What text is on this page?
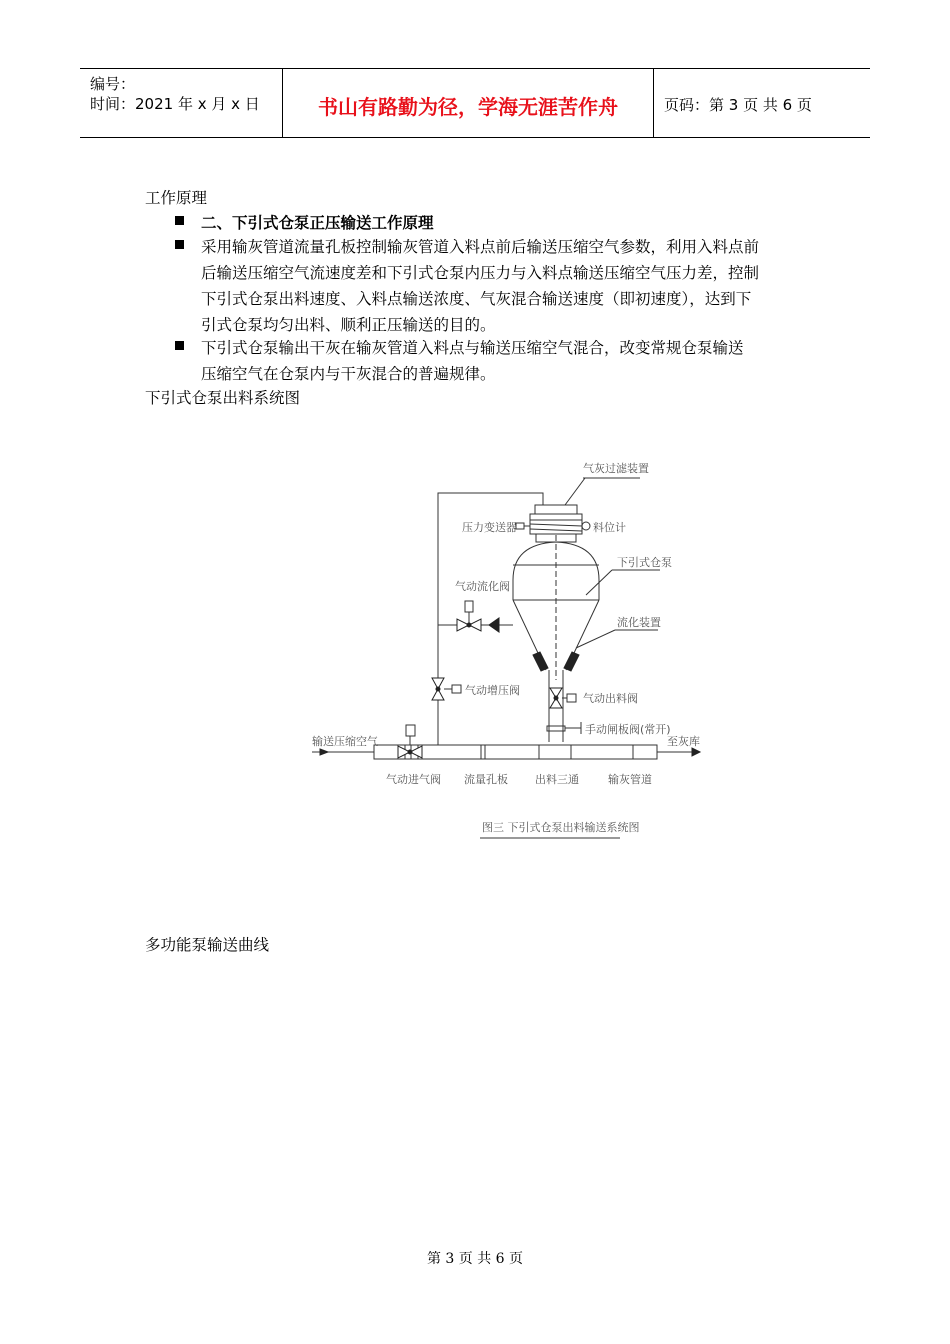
编号：
时间：2021 年 x 月 x 日	书山有路勤为径，学海无涯苦作舟	页码：第 3 页 共 6 页
工作原理
二、下引式仓泵正压输送工作原理
采用输灰管道流量孔板控制输灰管道入料点前后输送压缩空气参数，利用入料点前
后输送压缩空气流速度差和下引式仓泵内压力与入料点输送压缩空气压力差，控制
下引式仓泵出料速度、入料点输送浓度、气灰混合输送速度（即初速度），达到下
引式仓泵均匀出料、顺利正压输送的目的。
下引式仓泵输出干灰在输灰管道入料点与输送压缩空气混合，改变常规仓泵输送
压缩空气在仓泵内与干灰混合的普遍规律。
下引式仓泵出料系统图
气灰过滤装置
压力变送器	料位计
下引式仓泵
气动流化阀
流化装置
气动增压阀
气动出料阀
手动闸板阀(常开)
输送压缩空气	至灰库
气动进气阀 流量孔板 出料三通	输灰管道
图三 下引式仓泵出料输送系统图
多功能泵输送曲线
第 3 页 共 6 页
